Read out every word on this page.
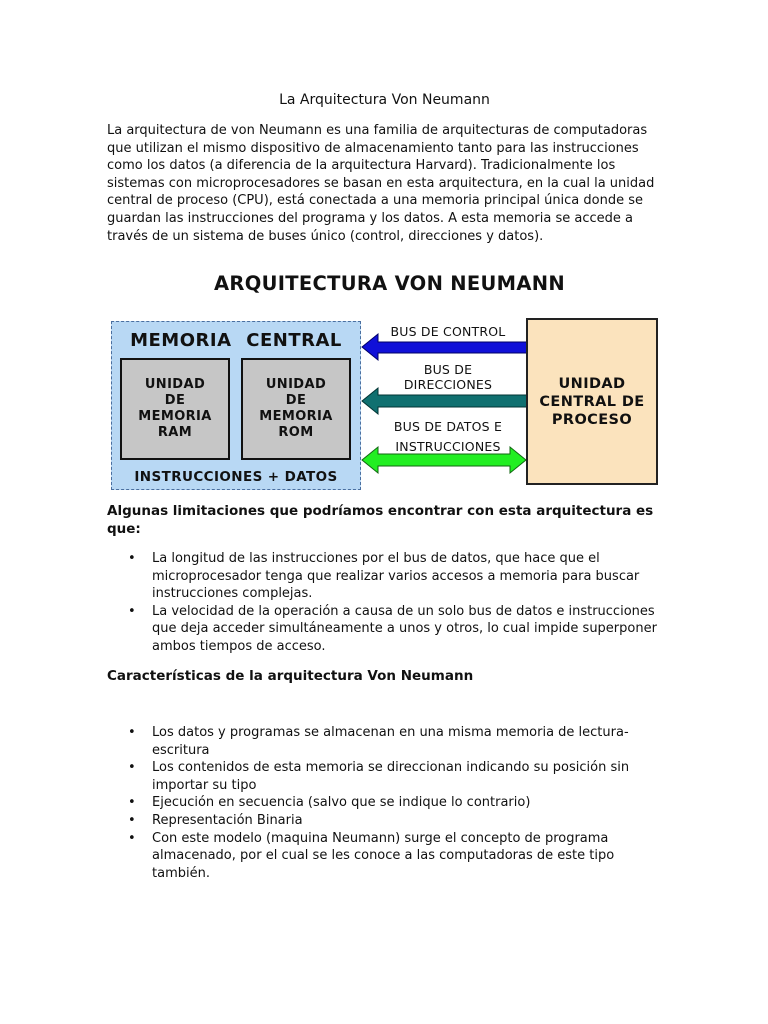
La Arquitectura Von Neumann

La arquitectura de von Neumann es una familia de arquitecturas de computadoras que utilizan el mismo dispositivo de almacenamiento tanto para las instrucciones como los datos (a diferencia de la arquitectura Harvard). Tradicionalmente los sistemas con microprocesadores se basan en esta arquitectura, en la cual la unidad central de proceso (CPU), está conectada a una memoria principal única donde se guardan las instrucciones del programa y los datos. A esta memoria se accede a través de un sistema de buses único (control, direcciones y datos).

ARQUITECTURA VON NEUMANN
MEMORIA CENTRAL
UNIDAD
DE
MEMORIA
RAM
UNIDAD
DE
MEMORIA
ROM
INSTRUCCIONES + DATOS
BUS DE CONTROL
BUS DE
DIRECCIONES
BUS DE DATOS E
INSTRUCCIONES
UNIDAD
CENTRAL DE
PROCESO
Algunas limitaciones que podríamos encontrar con esta arquitectura es que:
• La longitud de las instrucciones por el bus de datos, que hace que el microprocesador tenga que realizar varios accesos a memoria para buscar instrucciones complejas.
• La velocidad de la operación a causa de un solo bus de datos e instrucciones que deja acceder simultáneamente a unos y otros, lo cual impide superponer ambos tiempos de acceso.
Características de la arquitectura Von Neumann
• Los datos y programas se almacenan en una misma memoria de lectura-escritura
• Los contenidos de esta memoria se direccionan indicando su posición sin importar su tipo
• Ejecución en secuencia (salvo que se indique lo contrario)
• Representación Binaria
• Con este modelo (maquina Neumann) surge el concepto de programa almacenado, por el cual se les conoce a las computadoras de este tipo también.
